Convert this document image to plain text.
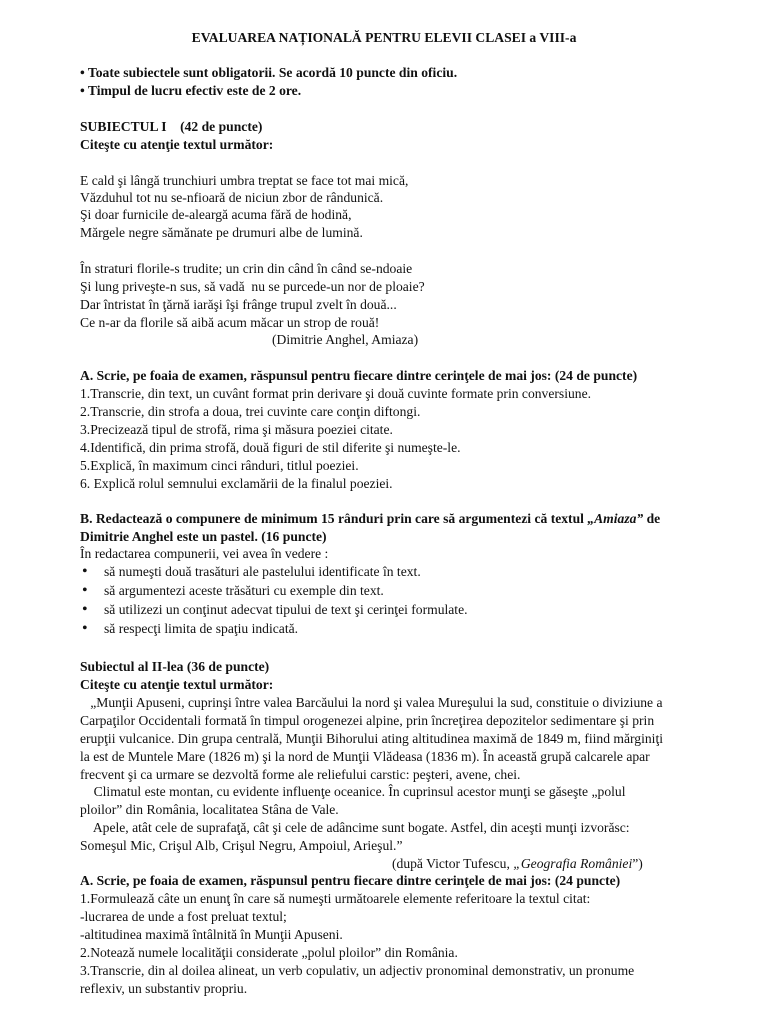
EVALUAREA NAȚIONALĂ PENTRU ELEVII CLASEI a VIII-a
• Toate subiectele sunt obligatorii. Se acordă 10 puncte din oficiu.
• Timpul de lucru efectiv este de 2 ore.
SUBIECTUL I    (42 de puncte)
Citeşte cu atenţie textul următor:
E cald şi lângă trunchiuri umbra treptat se face tot mai mică,
Văzduhul tot nu se-nfioară de niciun zbor de rândunică.
Şi doar furnicile de-aleargă acuma fără de hodină,
Mărgele negre sămănate pe drumuri albe de lumină.
În straturi florile-s trudite; un crin din când în când se-ndoaie
Şi lung priveşte-n sus, să vadă  nu se purcede-un nor de ploaie?
Dar întristat în ţărnă iarăşi îşi frânge trupul zvelt în două...
Ce n-ar da florile să aibă acum măcar un strop de rouă!
(Dimitrie Anghel, Amiaza)
A. Scrie, pe foaia de examen, răspunsul pentru fiecare dintre cerinţele de mai jos: (24 de puncte)
1.Transcrie, din text, un cuvânt format prin derivare şi două cuvinte formate prin conversiune.
2.Transcrie, din strofa a doua, trei cuvinte care conţin diftongi.
3.Precizează tipul de strofă, rima şi măsura poeziei citate.
4.Identifică, din prima strofă, două figuri de stil diferite şi numeşte-le.
5.Explică, în maximum cinci rânduri, titlul poeziei.
6. Explică rolul semnului exclamării de la finalul poeziei.
B. Redactează o compunere de minimum 15 rânduri prin care să argumentezi că textul „Amiaza” de
Dimitrie Anghel este un pastel. (16 puncte)
În redactarea compunerii, vei avea în vedere :
• să numeşti două trasături ale pastelului identificate în text.
• să argumentezi aceste trăsături cu exemple din text.
• să utilizezi un conţinut adecvat tipului de text şi cerinţei formulate.
• să respecţi limita de spaţiu indicată.
Subiectul al II-lea (36 de puncte)
Citeşte cu atenţie textul următor:
„Munţii Apuseni, cuprinşi între valea Barcăului la nord şi valea Mureşului la sud, constituie o diviziune a
Carpaţilor Occidentali formată în timpul orogenezei alpine, prin încreţirea depozitelor sedimentare şi prin
erupţii vulcanice. Din grupa centrală, Munţii Bihorului ating altitudinea maximă de 1849 m, fiind mărginiţi
la est de Muntele Mare (1826 m) şi la nord de Munţii Vlădeasa (1836 m). În această grupă calcarele apar
frecvent şi ca urmare se dezvoltă forme ale reliefului carstic: peşteri, avene, chei.
Climatul este montan, cu evidente influenţe oceanice. În cuprinsul acestor munţi se găseşte „polul
ploilor” din România, localitatea Stâna de Vale.
Apele, atât cele de suprafaţă, cât şi cele de adâncime sunt bogate. Astfel, din aceşti munţi izvorăsc:
Someşul Mic, Crişul Alb, Crişul Negru, Ampoiul, Arieşul.”
(după Victor Tufescu, „Geografia României”)
A. Scrie, pe foaia de examen, răspunsul pentru fiecare dintre cerinţele de mai jos: (24 puncte)
1.Formulează câte un enunţ în care să numeşti următoarele elemente referitoare la textul citat:
-lucrarea de unde a fost preluat textul;
-altitudinea maximă întâlnită în Munţii Apuseni.
2.Notează numele localităţii considerate „polul ploilor” din România.
3.Transcrie, din al doilea alineat, un verb copulativ, un adjectiv pronominal demonstrativ, un pronume
reflexiv, un substantiv propriu.
